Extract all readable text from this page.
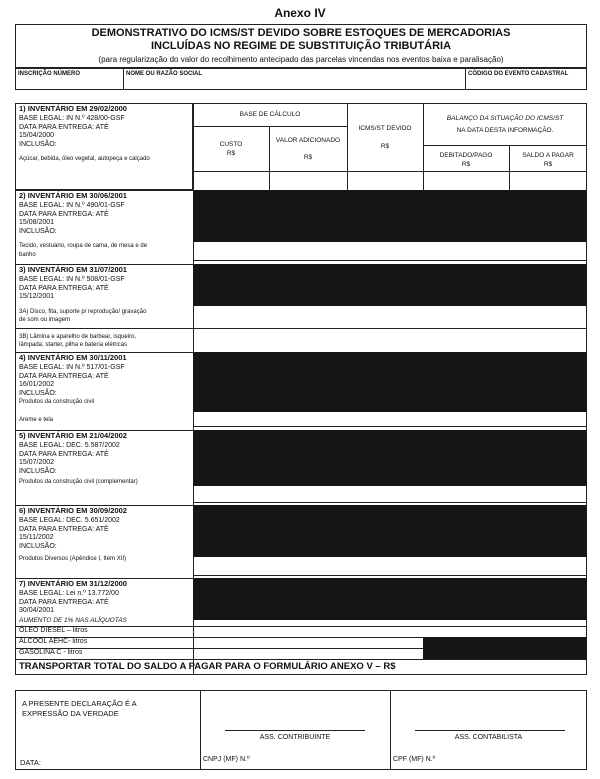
Anexo IV
DEMONSTRATIVO DO ICMS/ST DEVIDO SOBRE ESTOQUES DE MERCADORIAS
INCLUÍDAS NO REGIME DE SUBSTITUIÇÃO TRIBUTÁRIA
(para regularização do valor do recolhimento antecipado das parcelas vincendas nos eventos baixa e paralisação)
INSCRIÇÃO NÚMERO	NOME OU RAZÃO SOCIAL	CÓDIGO DO EVENTO CADASTRAL
BASE DE CÁLCULO
CUSTO
R$
VALOR ADICIONADO
R$
ICMS/ST DEVIDO
R$
BALANÇO DA SITUAÇÃO DO ICMS/ST
NA DATA DESTA INFORMAÇÃO.
DEBITADO/PAGO
R$
SALDO A PAGAR
R$
1) INVENTÁRIO EM 29/02/2000
BASE LEGAL: IN N.º 428/00-GSF
DATA PARA ENTREGA: ATÉ
15/04/2000
INCLUSÃO:
Açúcar, bebida, óleo vegetal, autopeça e calçado
2) INVENTÁRIO EM 30/06/2001
BASE LEGAL: IN N.º 490/01-GSF
DATA PARA ENTREGA: ATÉ
15/08/2001
INCLUSÃO:
Tecido, vestuário, roupa de cama, de mesa e de
banho
3) INVENTÁRIO EM 31/07/2001
BASE LEGAL: IN N.º 508/01-GSF
DATA PARA ENTREGA: ATÉ
15/12/2001
3A) Disco, fita, suporte p/ reprodução/ gravação
de som ou imagem
3B) Lâmina e aparelho de barbear, isqueiro,
lâmpada, starter, pilha e bateria elétricas
4) INVENTÁRIO EM 30/11/2001
BASE LEGAL: IN N.º 517/01-GSF
DATA PARA ENTREGA: ATÉ
16/01/2002
INCLUSÃO:
Produtos da construção civil
Areme e tela
5) INVENTÁRIO EM 21/04/2002
BASE LEGAL: DEC. 5.587/2002
DATA PARA ENTREGA: ATÉ
15/07/2002
INCLUSÃO:
Produtos da construção civil (complementar)
6) INVENTÁRIO EM 30/09/2002
BASE LEGAL: DEC. 5.651/2002
DATA PARA ENTREGA: ATÉ
15/11/2002
INCLUSÃO:
Produtos Diversos (Apêndice I, Item XII)
7) INVENTÁRIO EM 31/12/2000
BASE LEGAL: Lei n.º 13.772/00
DATA PARA ENTREGA: ATÉ
30/04/2001
AUMENTO DE 1% NAS ALÍQUOTAS
ÓLEO DIESEL – litros
ÁLCOOL AEHC- litros
GASOLINA C - litros
TRANSPORTAR TOTAL DO SALDO A PAGAR PARA O FORMULÁRIO ANEXO V – R$
A PRESENTE DECLARAÇÃO É A
EXPRESSÃO DA VERDADE
DATA:
ASS. CONTRIBUINTE
CNPJ (MF) N.º
ASS. CONTABILISTA
CPF (MF) N.º
